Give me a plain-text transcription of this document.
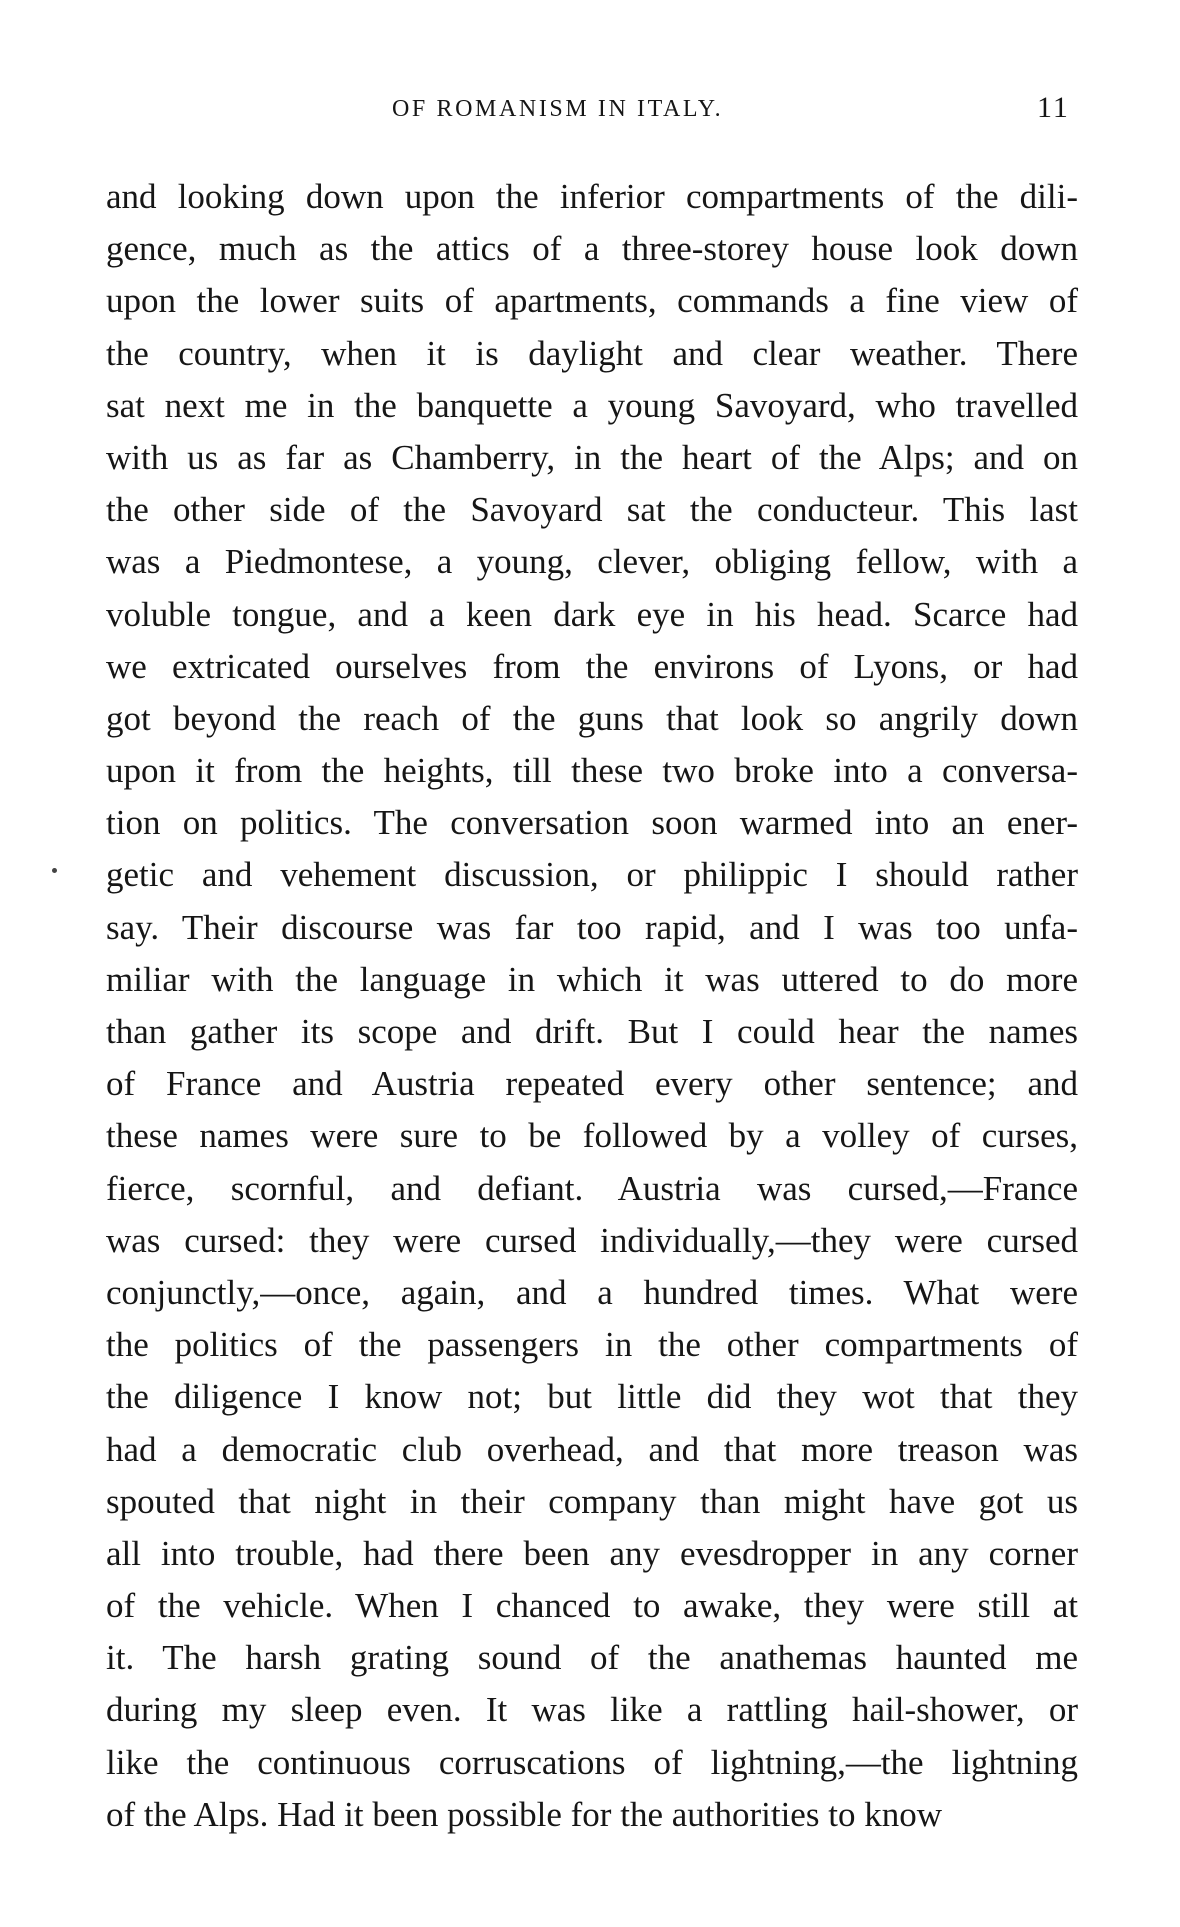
OF ROMANISM IN ITALY.	11
and looking down upon the inferior compartments of the dili-
gence, much as the attics of a three-storey house look down
upon the lower suits of apartments, commands a fine view of
the country, when it is daylight and clear weather. There
sat next me in the banquette a young Savoyard, who travelled
with us as far as Chamberry, in the heart of the Alps; and on
the other side of the Savoyard sat the conducteur. This last
was a Piedmontese, a young, clever, obliging fellow, with a
voluble tongue, and a keen dark eye in his head. Scarce had
we extricated ourselves from the environs of Lyons, or had
got beyond the reach of the guns that look so angrily down
upon it from the heights, till these two broke into a conversa-
tion on politics. The conversation soon warmed into an ener-
getic and vehement discussion, or philippic I should rather
say. Their discourse was far too rapid, and I was too unfa-
miliar with the language in which it was uttered to do more
than gather its scope and drift. But I could hear the names
of France and Austria repeated every other sentence; and
these names were sure to be followed by a volley of curses,
fierce, scornful, and defiant. Austria was cursed,—France
was cursed: they were cursed individually,—they were cursed
conjunctly,—once, again, and a hundred times. What were
the politics of the passengers in the other compartments of
the diligence I know not; but little did they wot that they
had a democratic club overhead, and that more treason was
spouted that night in their company than might have got us
all into trouble, had there been any evesdropper in any corner
of the vehicle. When I chanced to awake, they were still at
it. The harsh grating sound of the anathemas haunted me
during my sleep even. It was like a rattling hail-shower, or
like the continuous corruscations of lightning,—the lightning
of the Alps. Had it been possible for the authorities to know
